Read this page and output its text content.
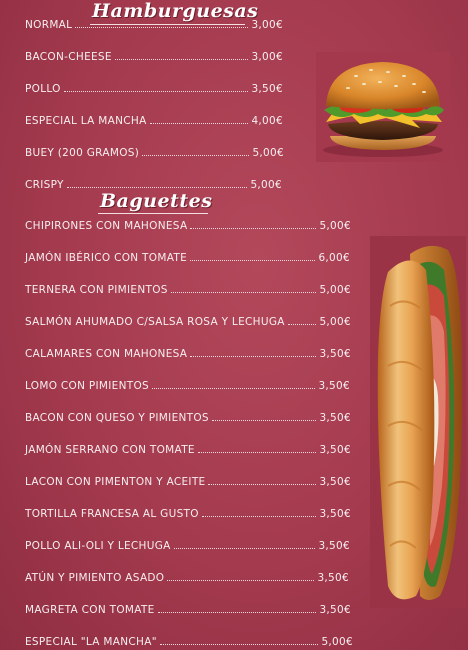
Hamburguesas
NORMAL	3,00€
BACON-CHEESE	3,00€
POLLO	3,50€
ESPECIAL LA MANCHA	4,00€
BUEY (200 GRAMOS)	5,00€
CRISPY	5,00€
Baguettes
CHIPIRONES CON MAHONESA	5,00€
JAMÓN IBÉRICO CON TOMATE	6,00€
TERNERA CON PIMIENTOS	5,00€
SALMÓN AHUMADO C/SALSA ROSA Y LECHUGA	5,00€
CALAMARES CON MAHONESA	3,50€
LOMO CON PIMIENTOS	3,50€
BACON CON QUESO Y PIMIENTOS	3,50€
JAMÓN SERRANO CON TOMATE	3,50€
LACON CON PIMENTON Y ACEITE	3,50€
TORTILLA FRANCESA AL GUSTO	3,50€
POLLO ALI-OLI Y LECHUGA	3,50€
ATÚN Y PIMIENTO ASADO	3,50€
MAGRETA CON TOMATE	3,50€
ESPECIAL "LA MANCHA"	5,00€
